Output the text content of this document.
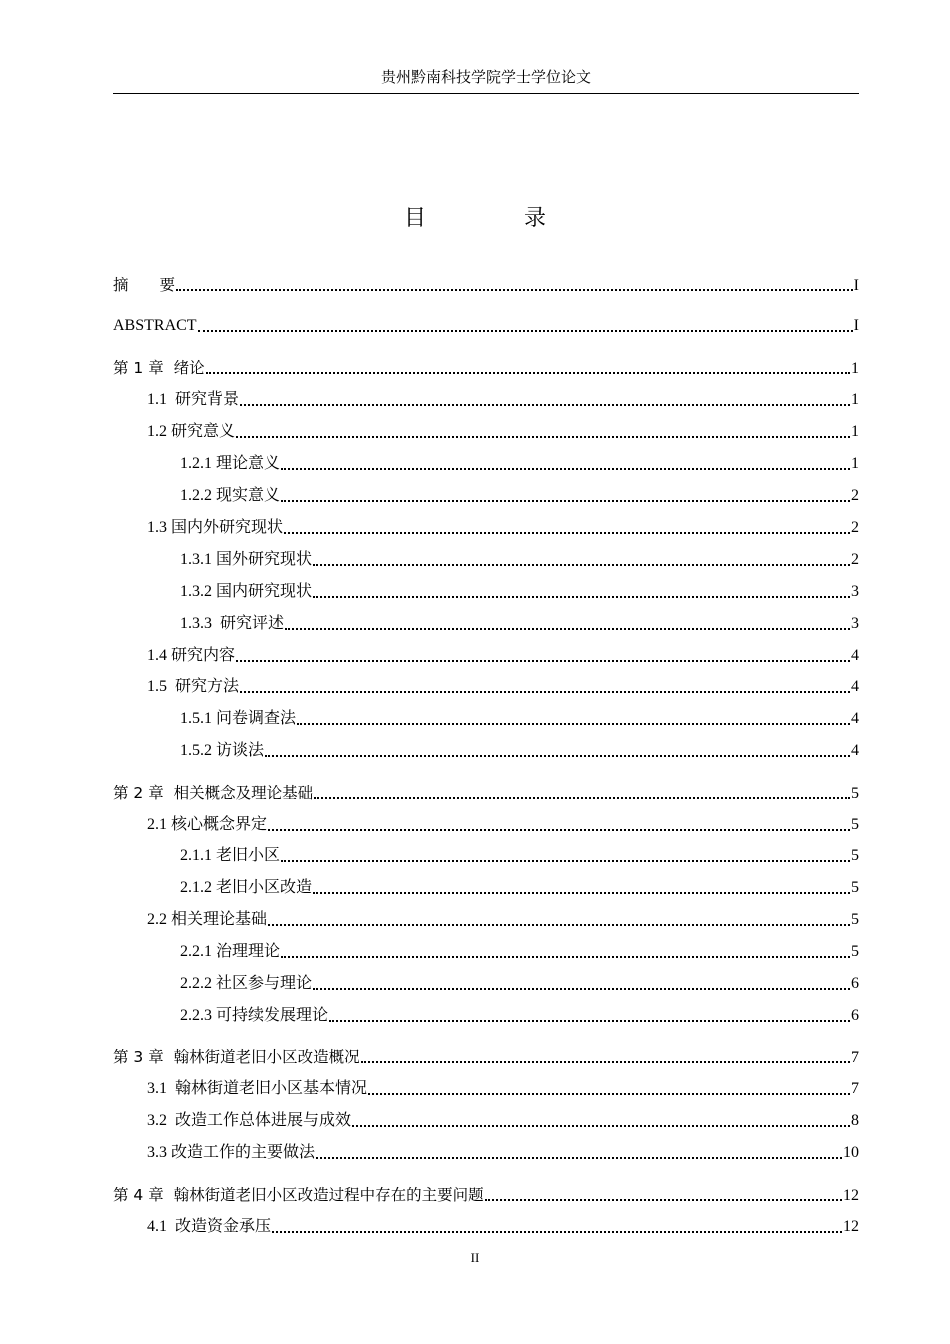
贵州黔南科技学院学士学位论文
目　录
摘　　要	I
ABSTRACT	I
第 1 章  绪论	1
1.1  研究背景	1
1.2 研究意义	1
1.2.1 理论意义	1
1.2.2 现实意义	2
1.3 国内外研究现状	2
1.3.1 国外研究现状	2
1.3.2 国内研究现状	3
1.3.3  研究评述	3
1.4 研究内容	4
1.5  研究方法	4
1.5.1 问卷调查法	4
1.5.2 访谈法	4
第 2 章  相关概念及理论基础	5
2.1 核心概念界定	5
2.1.1 老旧小区	5
2.1.2 老旧小区改造	5
2.2 相关理论基础	5
2.2.1 治理理论	5
2.2.2 社区参与理论	6
2.2.3 可持续发展理论	6
第 3 章  翰林街道老旧小区改造概况	7
3.1  翰林街道老旧小区基本情况	7
3.2  改造工作总体进展与成效	8
3.3 改造工作的主要做法	10
第 4 章  翰林街道老旧小区改造过程中存在的主要问题	12
4.1  改造资金承压	12
II
